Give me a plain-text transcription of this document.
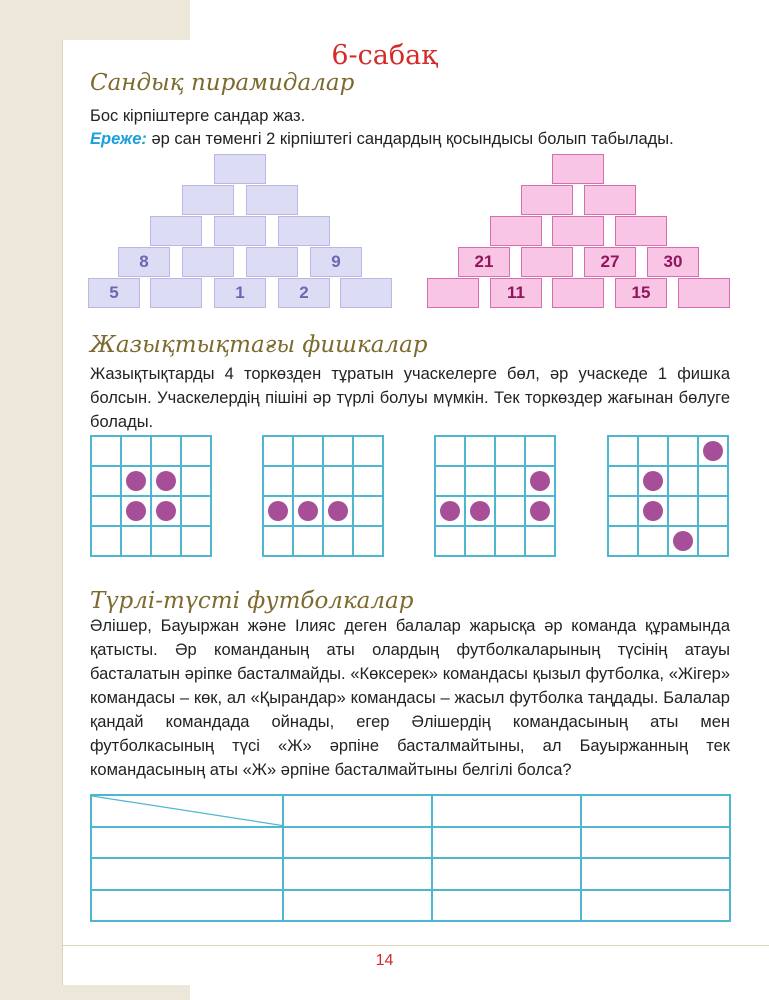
6-сабақ
Сандық пирамидалар

Бос кірпіштерге сандар жаз.

Ереже: әр сан төменгі 2 кірпіштегі сандардың қосындысы болып табылады.

8	9
5	1	2
21	27	30
11	15
Жазықтықтағы фишкалар

Жазықтықтарды 4 торкөзден тұратын учаскелерге бөл, әр учаскеде 1 фишка болсын. Учаскелердің пішіні әр түрлі болуы мүмкін. Тек торкөздер жағынан бөлуге болады.

Түрлі-түсті футболкалар

Әлішер, Бауыржан және Ілияс деген балалар жарысқа әр команда құрамында қатысты. Әр команданың аты олардың футболкаларының түсінің атауы басталатын әріпке басталмайды. «Көксерек» командасы қызыл футболка, «Жігер» командасы – көк, ал «Қырандар» командасы – жасыл футболка таңдады. Балалар қандай командада ойнады, егер Әлішердің командасының аты мен футболкасының түсі «Ж» әрпіне басталмайтыны, ал Бауыржанның тек командасының аты «Ж» әрпіне басталмайтыны белгілі болса?

14
